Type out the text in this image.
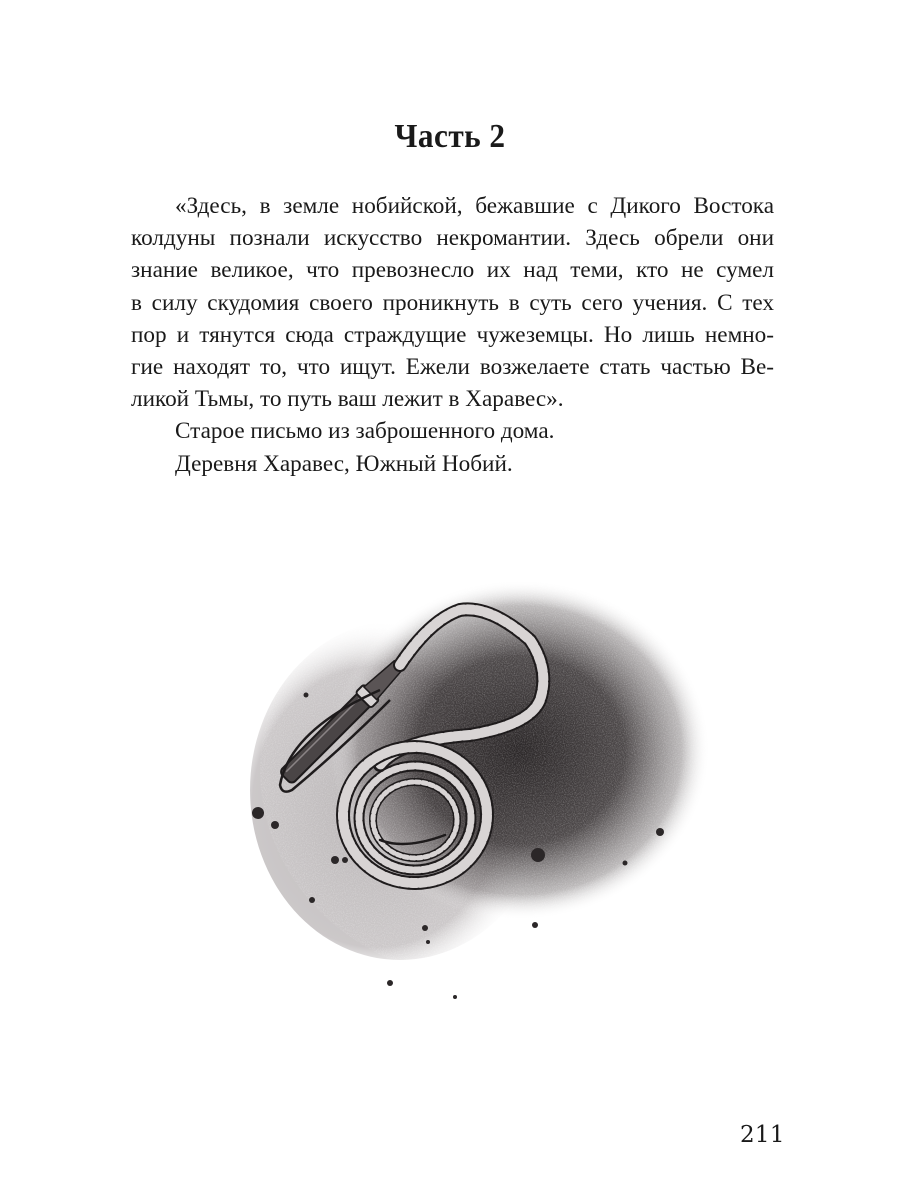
Часть 2
«Здесь, в земле нобийской, бежавшие с Дикого Востока
колдуны познали искусство некромантии. Здесь обрели они
знание великое, что превознесло их над теми, кто не сумел
в силу скудомия своего проникнуть в суть сего учения. С тех
пор и тянутся сюда страждущие чужеземцы. Но лишь немно-
гие находят то, что ищут. Ежели возжелаете стать частью Ве-
ликой Тьмы, то путь ваш лежит в Харавес».
Старое письмо из заброшенного дома.
Деревня Харавес, Южный Нобий.
211
